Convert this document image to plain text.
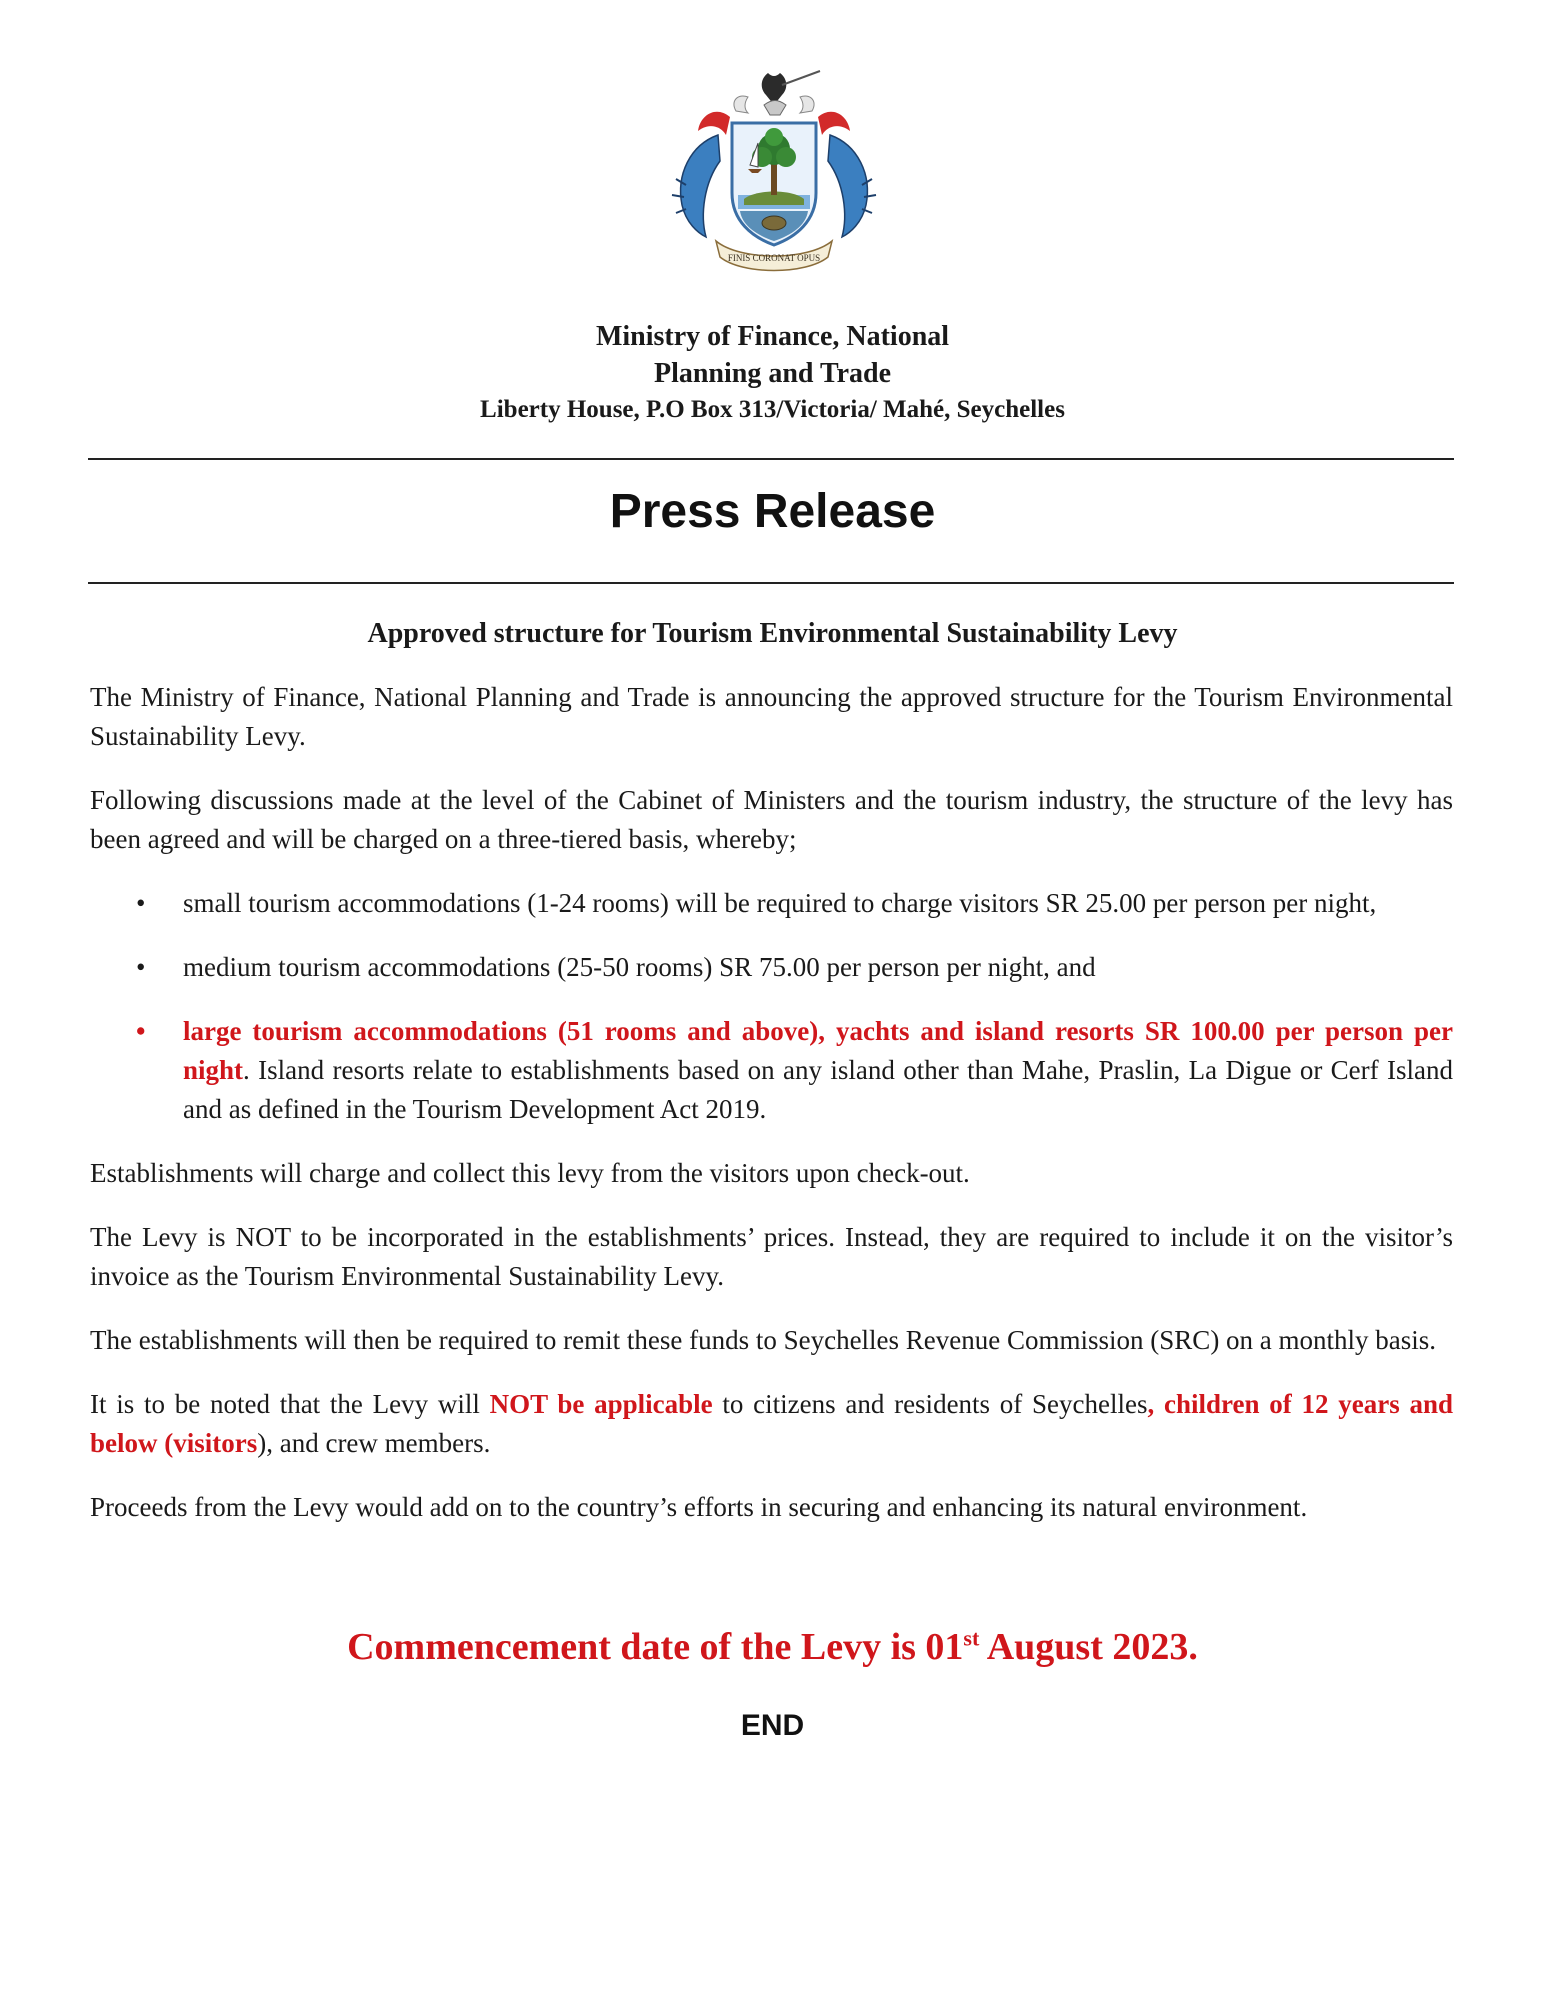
FINIS CORONAT OPUS
Ministry of Finance, National
Planning and Trade
Liberty House, P.O Box 313/Victoria/ Mahé, Seychelles
Press Release
Approved structure for Tourism Environmental Sustainability Levy

The Ministry of Finance, National Planning and Trade is announcing the approved structure for the Tourism Environmental Sustainability Levy.

Following discussions made at the level of the Cabinet of Ministers and the tourism industry, the structure of the levy has been agreed and will be charged on a three-tiered basis, whereby;

• small tourism accommodations (1-24 rooms) will be required to charge visitors SR 25.00 per person per night,
• medium tourism accommodations (25-50 rooms) SR 75.00 per person per night, and
• large tourism accommodations (51 rooms and above), yachts and island resorts SR 100.00 per person per night. Island resorts relate to establishments based on any island other than Mahe, Praslin, La Digue or Cerf Island and as defined in the Tourism Development Act 2019.

Establishments will charge and collect this levy from the visitors upon check-out.

The Levy is NOT to be incorporated in the establishments’ prices. Instead, they are required to include it on the visitor’s invoice as the Tourism Environmental Sustainability Levy.

The establishments will then be required to remit these funds to Seychelles Revenue Commission (SRC) on a monthly basis.

It is to be noted that the Levy will NOT be applicable to citizens and residents of Seychelles, children of 12 years and below (visitors), and crew members.

Proceeds from the Levy would add on to the country’s efforts in securing and enhancing its natural environment.

Commencement date of the Levy is 01st August 2023.
END
